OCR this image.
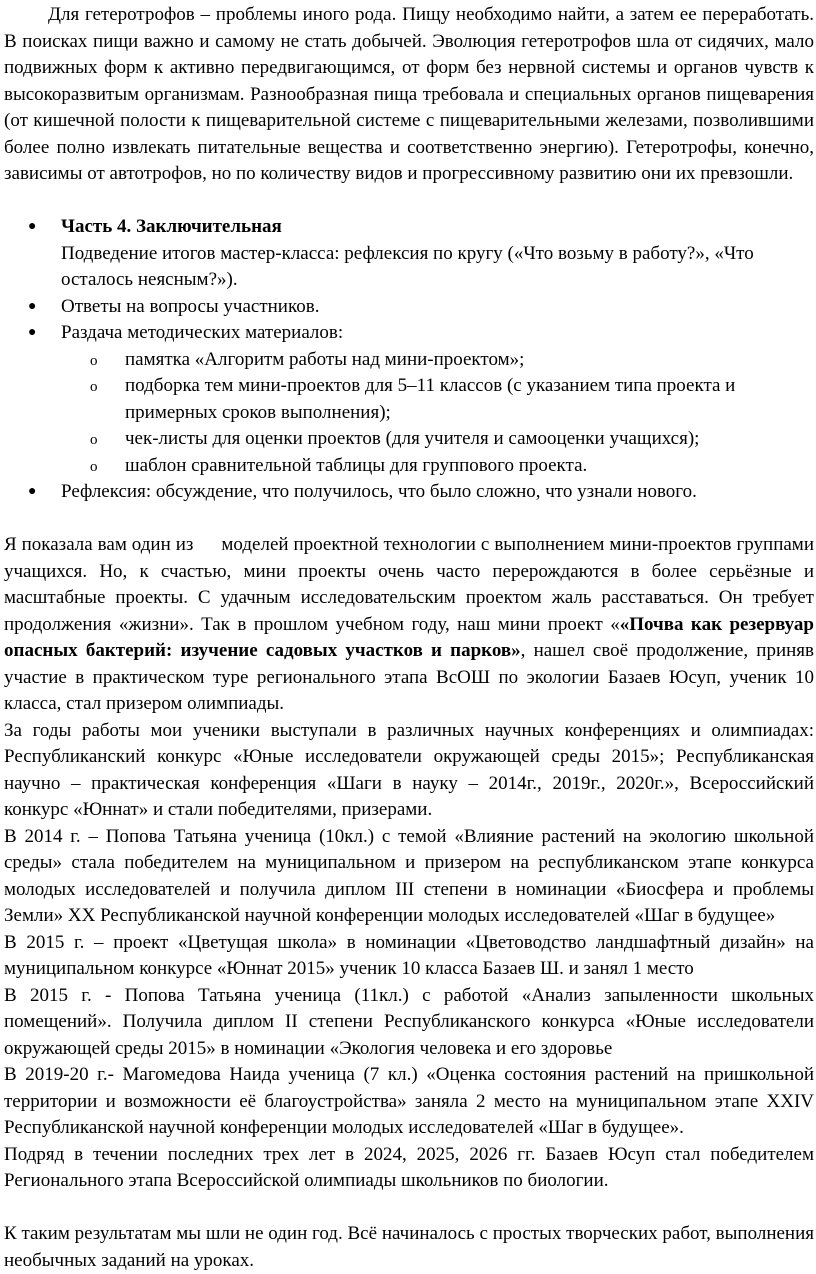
Для гетеротрофов – проблемы иного рода. Пищу необходимо найти, а затем ее переработать. В поисках пищи важно и самому не стать добычей. Эволюция гетеротрофов шла от сидячих, мало подвижных форм к активно передвигающимся, от форм без нервной системы и органов чувств к высокоразвитым организмам. Разнообразная пища требовала и специальных органов пищеварения (от кишечной полости к пищеварительной системе с пищеварительными железами, позволившими более полно извлекать питательные вещества и соответственно энергию). Гетеротрофы, конечно, зависимы от автотрофов, но по количеству видов и прогрессивному развитию они их превзошли.

● Часть 4. Заключительная
Подведение итогов мастер-класса: рефлексия по кругу («Что возьму в работу?», «Что осталось неясным?»).
● Ответы на вопросы участников.
● Раздача методических материалов:
o памятка «Алгоритм работы над мини-проектом»;
o подборка тем мини-проектов для 5–11 классов (с указанием типа проекта и примерных сроков выполнения);
o чек-листы для оценки проектов (для учителя и самооценки учащихся);
o шаблон сравнительной таблицы для группового проекта.
● Рефлексия: обсуждение, что получилось, что было сложно, что узнали нового.

Я показала вам один из моделей проектной технологии с выполнением мини-проектов группами учащихся. Но, к счастью, мини проекты очень часто перерождаются в более серьёзные и масштабные проекты. С удачным исследовательским проектом жаль расставаться. Он требует продолжения «жизни». Так в прошлом учебном году, наш мини проект ««Почва как резервуар опасных бактерий: изучение садовых участков и парков», нашел своё продолжение, приняв участие в практическом туре регионального этапа ВсОШ по экологии Базаев Юсуп, ученик 10 класса, стал призером олимпиады.

За годы работы мои ученики выступали в различных научных конференциях и олимпиадах: Республиканский конкурс «Юные исследователи окружающей среды 2015»; Республиканская научно – практическая конференция «Шаги в науку – 2014г., 2019г., 2020г.», Всероссийский конкурс «Юннат» и стали победителями, призерами.

В 2014 г. – Попова Татьяна ученица (10кл.) с темой «Влияние растений на экологию школьной среды» стала победителем на муниципальном и призером на республиканском этапе конкурса молодых исследователей и получила диплом III степени в номинации «Биосфера и проблемы Земли» XX Республиканской научной конференции молодых исследователей «Шаг в будущее»

В 2015 г. – проект «Цветущая школа» в номинации «Цветоводство ландшафтный дизайн» на муниципальном конкурсе «Юннат 2015» ученик 10 класса Базаев Ш. и занял 1 место

В 2015 г. - Попова Татьяна ученица (11кл.) с работой «Анализ запыленности школьных помещений». Получила диплом II степени Республиканского конкурса «Юные исследователи окружающей среды 2015» в номинации «Экология человека и его здоровье

В 2019-20 г.- Магомедова Наида ученица (7 кл.) «Оценка состояния растений на пришкольной территории и возможности её благоустройства» заняла 2 место на муниципальном этапе XXIV Республиканской научной конференции молодых исследователей «Шаг в будущее».

Подряд в течении последних трех лет в 2024, 2025, 2026 гг. Базаев Юсуп стал победителем Регионального этапа Всероссийской олимпиады школьников по биологии.

К таким результатам мы шли не один год. Всё начиналось с простых творческих работ, выполнения необычных заданий на уроках.
